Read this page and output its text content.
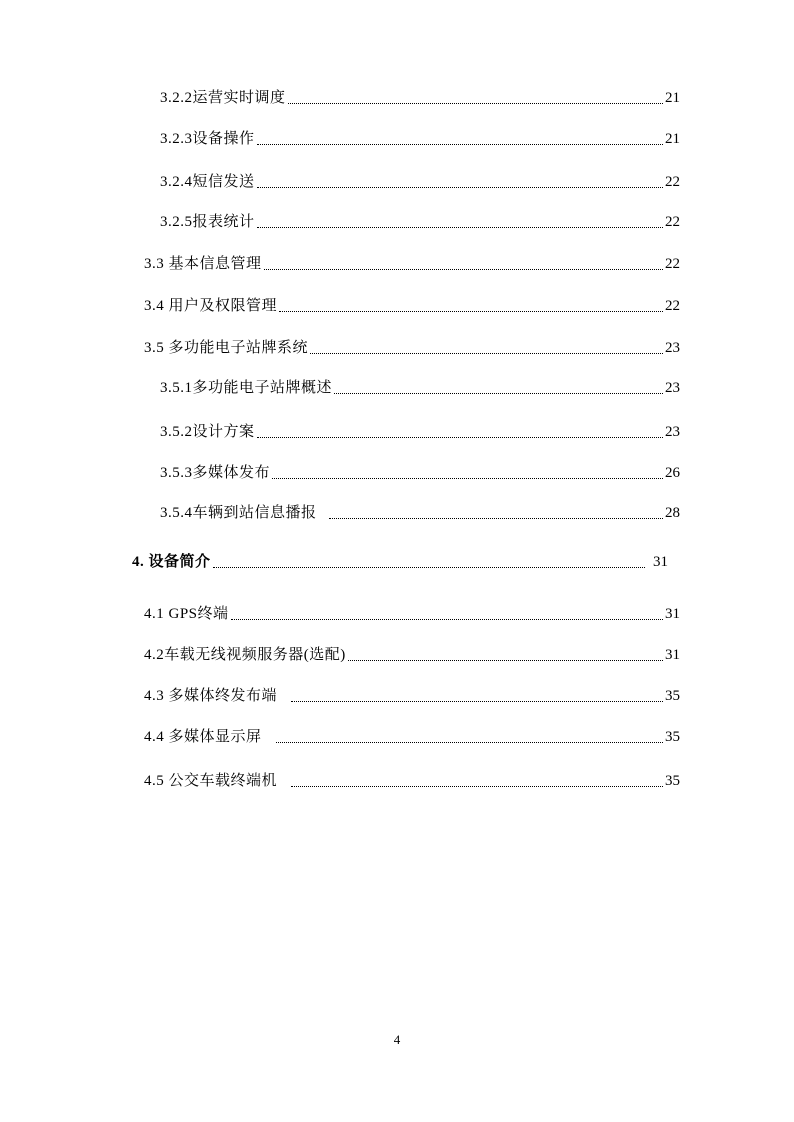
3.2.2运营实时调度	21
3.2.3设备操作	21
3.2.4短信发送	22
3.2.5报表统计	22
3.3 基本信息管理	22
3.4 用户及权限管理	22
3.5 多功能电子站牌系统	23
3.5.1多功能电子站牌概述	23
3.5.2设计方案	23
3.5.3多媒体发布	26
3.5.4车辆到站信息播报	28
4. 设备简介	31
4.1 GPS终端	31
4.2车载无线视频服务器(选配)	31
4.3 多媒体终发布端	35
4.4 多媒体显示屏	35
4.5 公交车载终端机	35
4
